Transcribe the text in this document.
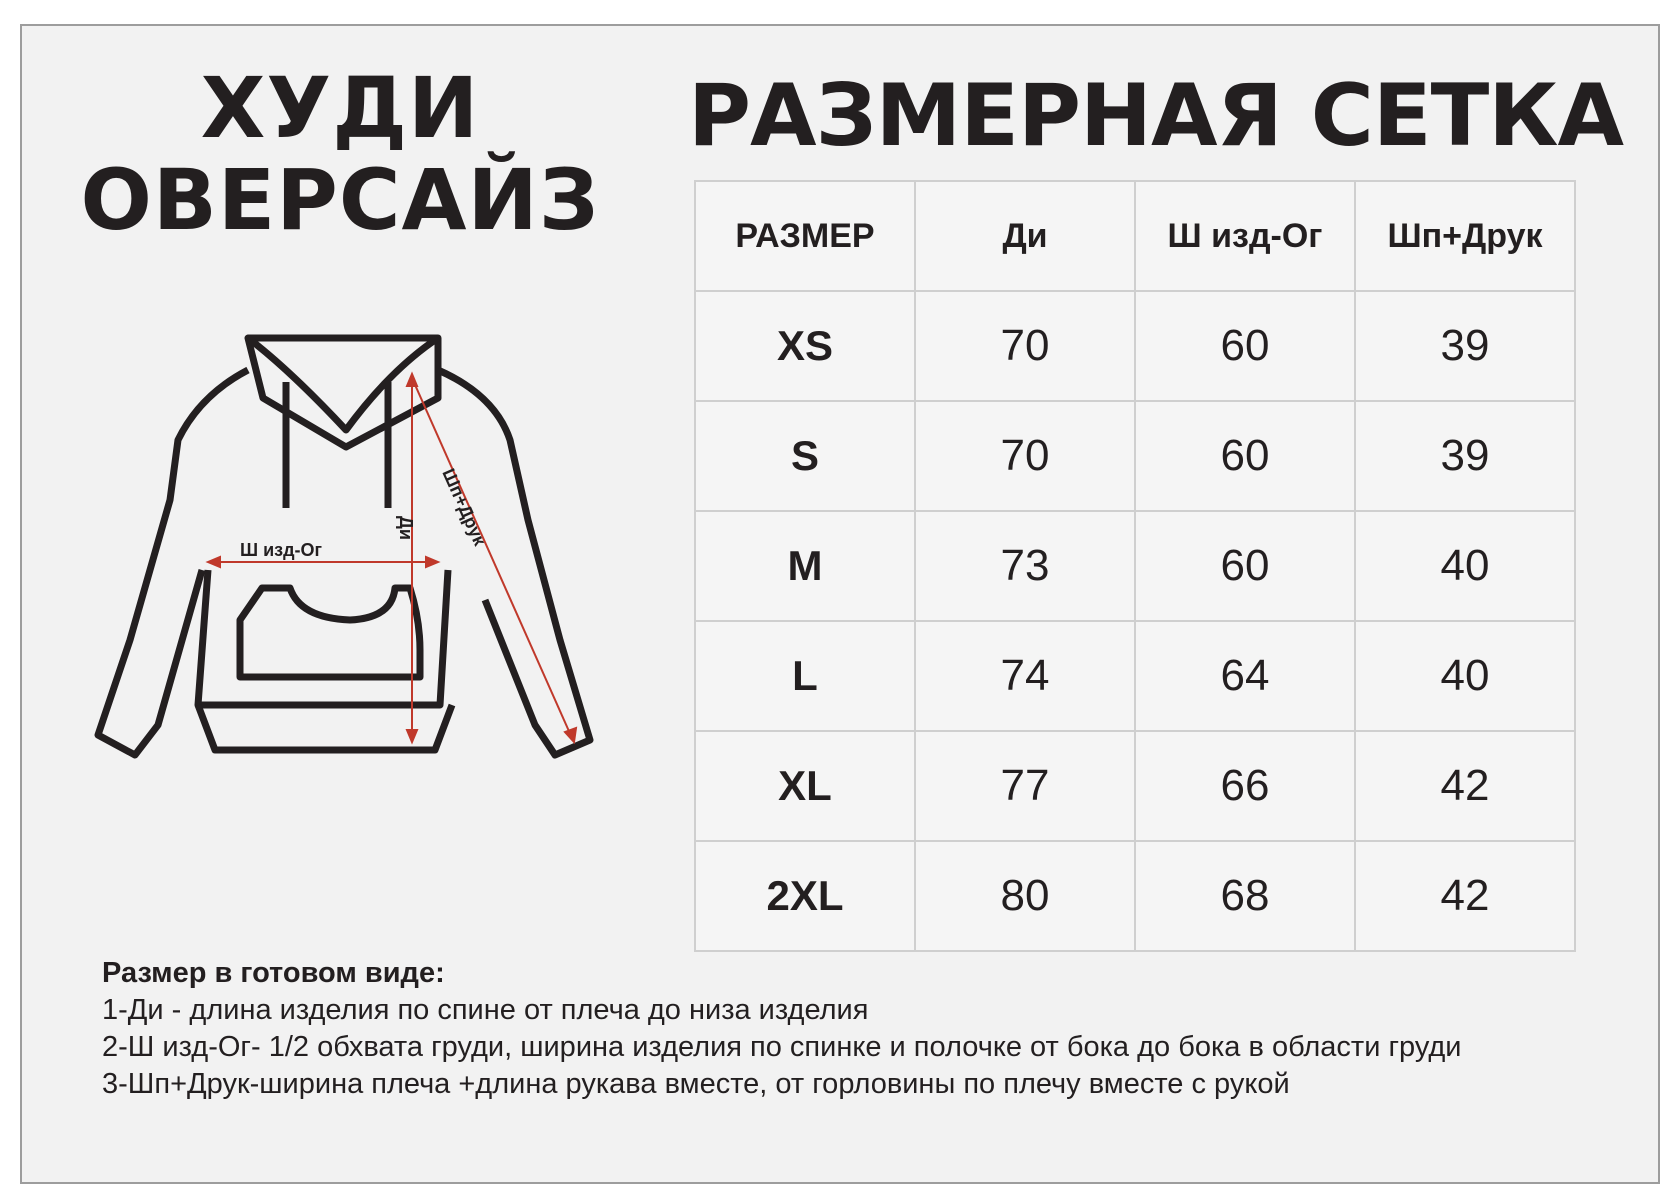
ХУДИ
ОВЕРСАЙЗ
РАЗМЕРНАЯ СЕТКА
РАЗМЕР	Ди	Ш изд-Ог	Шп+Друк
XS	70	60	39
S	70	60	39
M	73	60	40
L	74	64	40
XL	77	66	42
2XL	80	68	42
Ш изд-Ог
Ди Шп+Друк
Размер в готовом виде:
1-Ди - длина изделия по спине от плеча до низа изделия
2-Ш изд-Ог- 1/2 обхвата груди, ширина изделия по спинке и полочке от бока до бока в области груди
3-Шп+Друк-ширина плеча +длина рукава вместе, от горловины по плечу вместе с рукой
